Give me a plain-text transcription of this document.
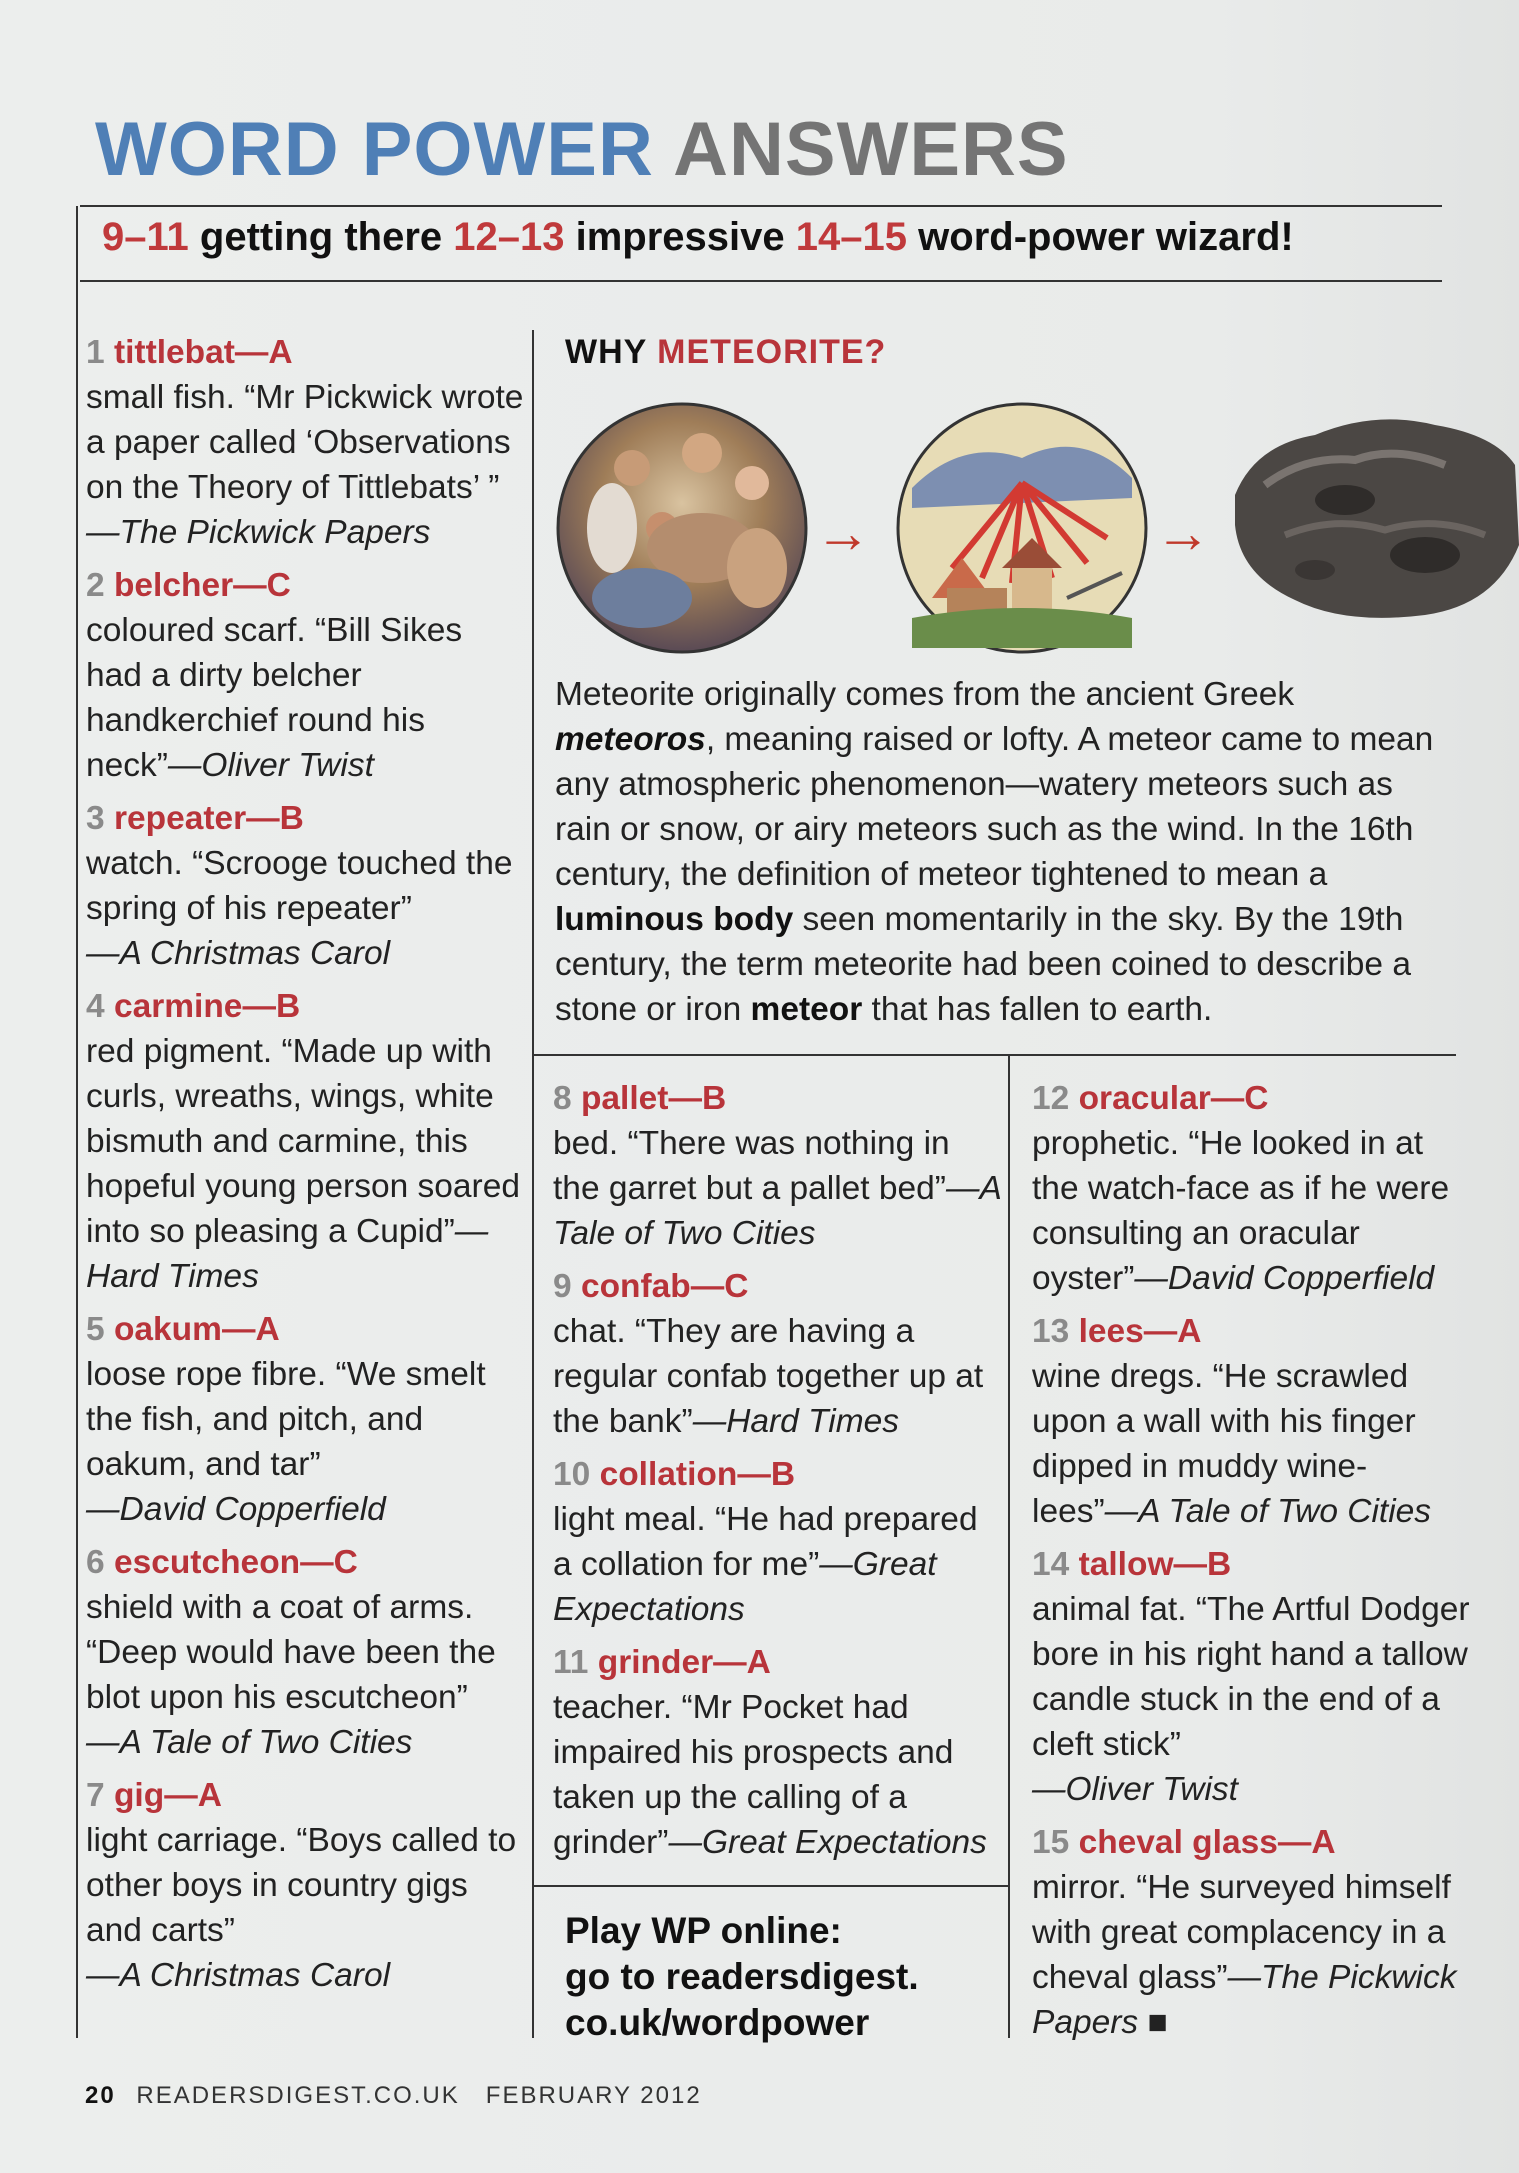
WORD POWER ANSWERS
9–11 getting there 12–13 impressive 14–15 word-power wizard!
1 tittlebat—A
small fish. “Mr Pickwick wrote a paper called ‘Observations on the Theory of Tittlebats’ ”
—The Pickwick Papers
2 belcher—C
coloured scarf. “Bill Sikes had a dirty belcher handkerchief round his neck”—Oliver Twist
3 repeater—B
watch. “Scrooge touched the spring of his repeater”
—A Christmas Carol
4 carmine—B
red pigment. “Made up with curls, wreaths, wings, white bismuth and carmine, this hopeful young person soared into so pleasing a Cupid”—Hard Times
5 oakum—A
loose rope fibre. “We smelt the fish, and pitch, and oakum, and tar”
—David Copperfield
6 escutcheon—C
shield with a coat of arms. “Deep would have been the blot upon his escutcheon”
—A Tale of Two Cities
7 gig—A
light carriage. “Boys called to other boys in country gigs and carts”
—A Christmas Carol
WHY METEORITE?
→	→
Meteorite originally comes from the ancient Greek meteoros, meaning raised or lofty. A meteor came to mean any atmospheric phenomenon—watery meteors such as rain or snow, or airy meteors such as the wind. In the 16th century, the definition of meteor tightened to mean a luminous body seen momentarily in the sky. By the 19th century, the term meteorite had been coined to describe a stone or iron meteor that has fallen to earth.
8 pallet—B
bed. “There was nothing in the garret but a pallet bed”—A Tale of Two Cities
9 confab—C
chat. “They are having a regular confab together up at the bank”—Hard Times
10 collation—B
light meal. “He had prepared a collation for me”—Great Expectations
11 grinder—A
teacher. “Mr Pocket had impaired his prospects and taken up the calling of a grinder”—Great Expectations
Play WP online:
go to readersdigest.
co.uk/wordpower
12 oracular—C
prophetic. “He looked in at the watch-face as if he were consulting an oracular oyster”—David Copperfield
13 lees—A
wine dregs. “He scrawled upon a wall with his finger dipped in muddy wine-lees”—A Tale of Two Cities
14 tallow—B
animal fat. “The Artful Dodger bore in his right hand a tallow candle stuck in the end of a cleft stick”
—Oliver Twist
15 cheval glass—A
mirror. “He surveyed himself with great complacency in a cheval glass”—The Pickwick Papers ■
20 READERSDIGEST.CO.UK FEBRUARY 2012
